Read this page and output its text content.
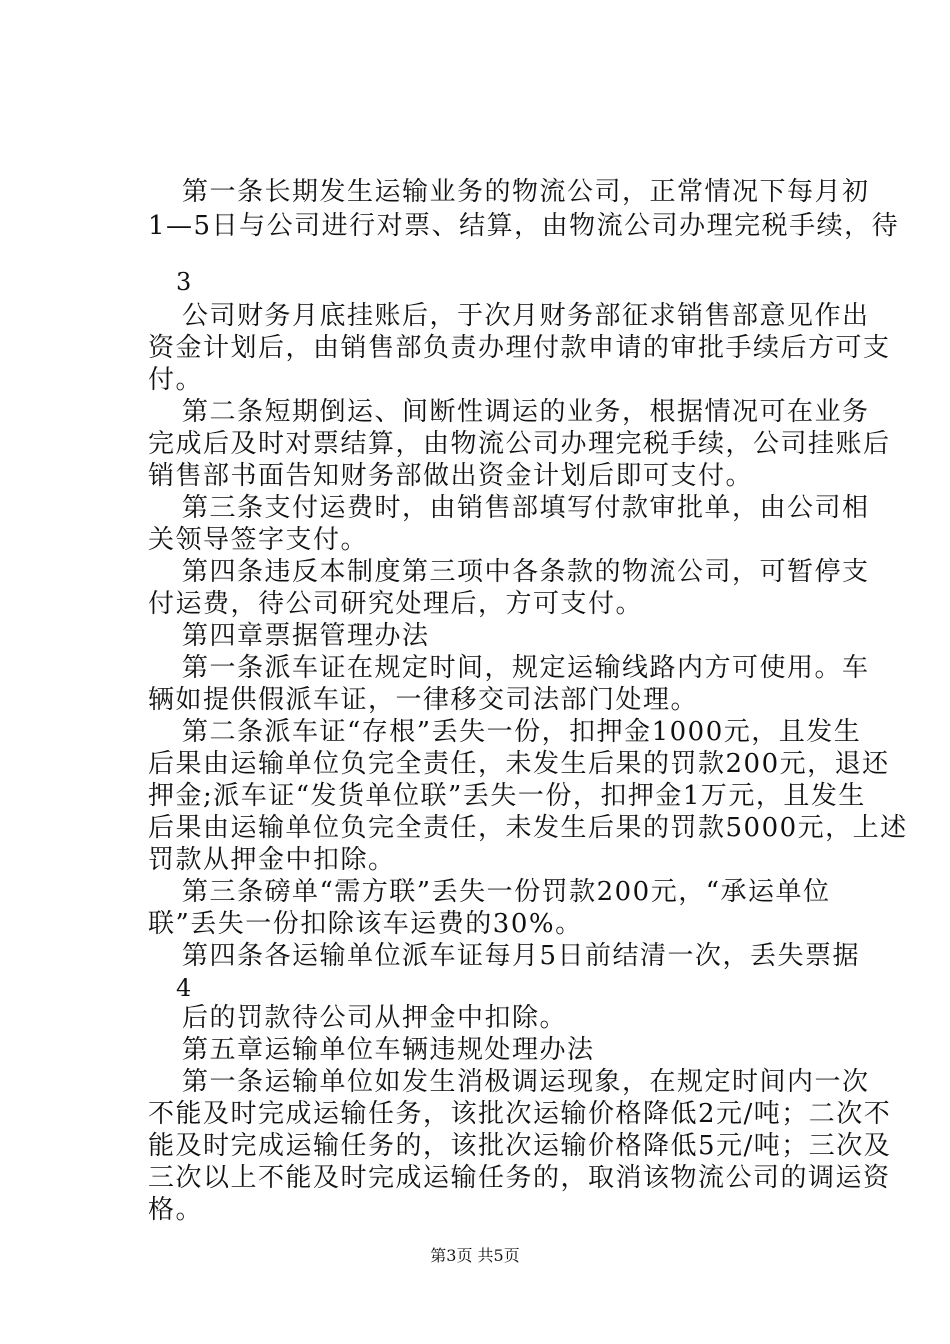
第一条长期发生运输业务的物流公司，正常情况下每月初
1—5日与公司进行对票、结算，由物流公司办理完税手续，待
3
公司财务月底挂账后，于次月财务部征求销售部意见作出
资金计划后，由销售部负责办理付款申请的审批手续后方可支
付。
第二条短期倒运、间断性调运的业务，根据情况可在业务
完成后及时对票结算，由物流公司办理完税手续，公司挂账后
销售部书面告知财务部做出资金计划后即可支付。
第三条支付运费时，由销售部填写付款审批单，由公司相
关领导签字支付。
第四条违反本制度第三项中各条款的物流公司，可暂停支
付运费，待公司研究处理后，方可支付。
第四章票据管理办法
第一条派车证在规定时间，规定运输线路内方可使用。车
辆如提供假派车证，一律移交司法部门处理。
第二条派车证“存根”丢失一份，扣押金1000元，且发生
后果由运输单位负完全责任，未发生后果的罚款200元，退还
押金;派车证“发货单位联”丢失一份，扣押金1万元，且发生
后果由运输单位负完全责任，未发生后果的罚款5000元，上述
罚款从押金中扣除。
第三条磅单“需方联”丢失一份罚款200元，“承运单位
联”丢失一份扣除该车运费的30%。
第四条各运输单位派车证每月5日前结清一次，丢失票据
4
后的罚款待公司从押金中扣除。
第五章运输单位车辆违规处理办法
第一条运输单位如发生消极调运现象，在规定时间内一次
不能及时完成运输任务，该批次运输价格降低2元/吨；二次不
能及时完成运输任务的，该批次运输价格降低5元/吨；三次及
三次以上不能及时完成运输任务的，取消该物流公司的调运资
格。
第3页 共5页
